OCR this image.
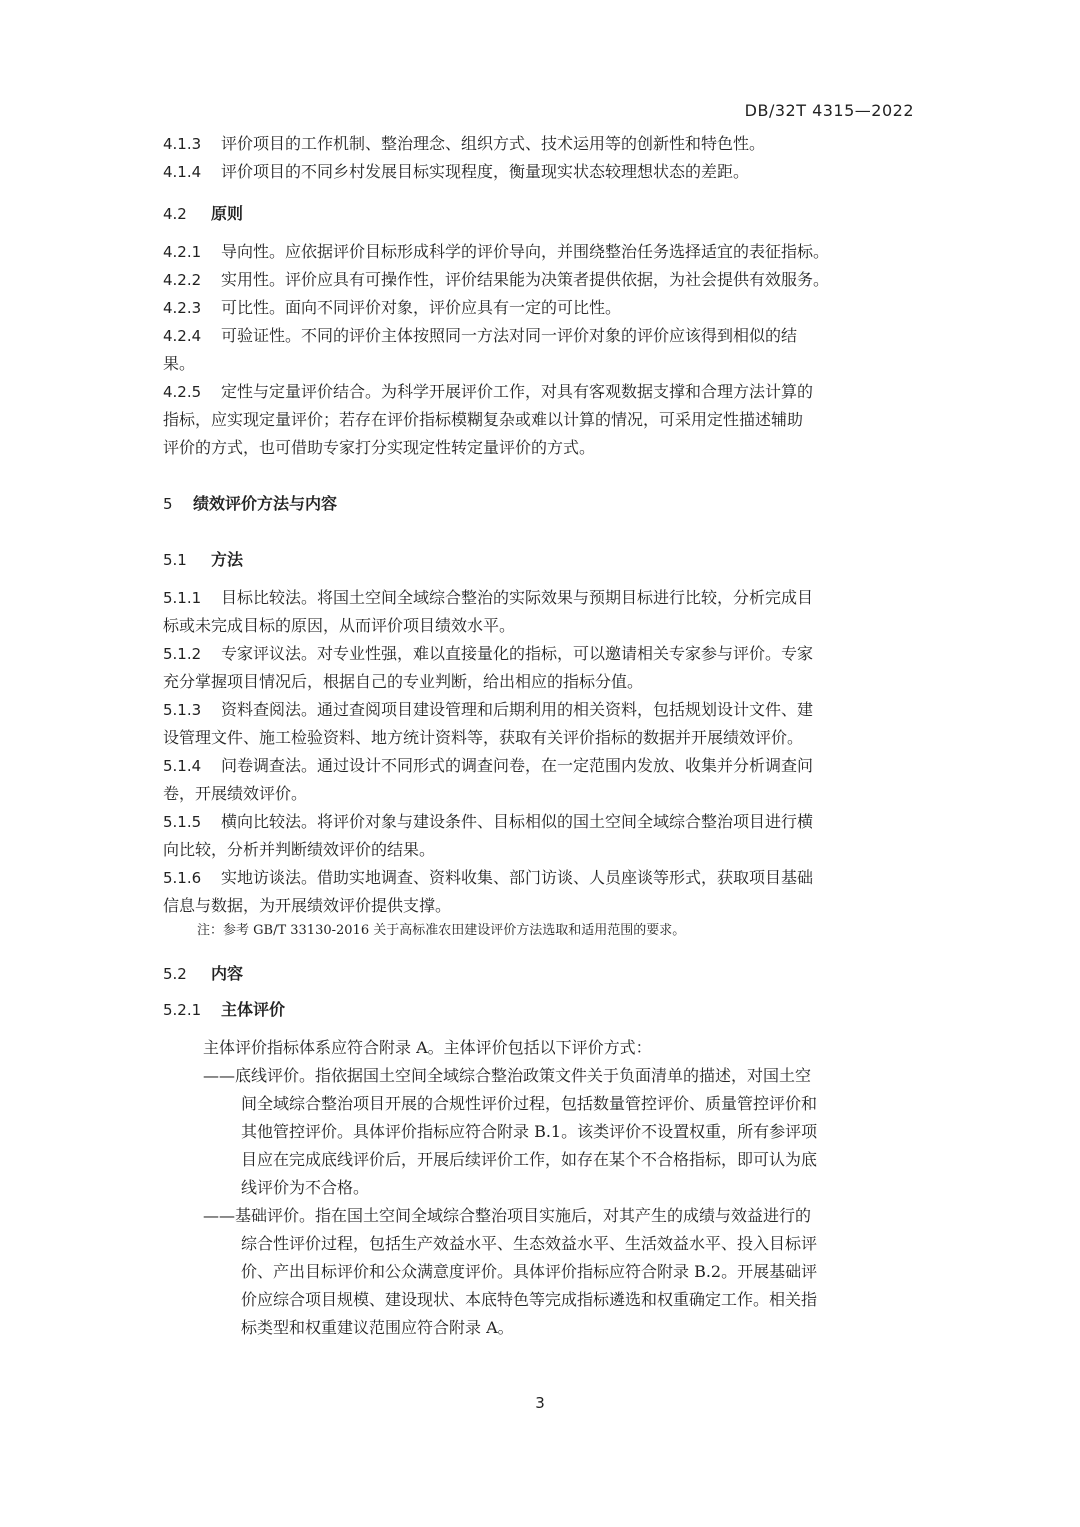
DB/32T 4315—2022
4.1.3 评价项目的工作机制、整治理念、组织方式、技术运用等的创新性和特色性。
4.1.4 评价项目的不同乡村发展目标实现程度，衡量现实状态较理想状态的差距。
4.2 原则
4.2.1 导向性。应依据评价目标形成科学的评价导向，并围绕整治任务选择适宜的表征指标。
4.2.2 实用性。评价应具有可操作性，评价结果能为决策者提供依据，为社会提供有效服务。
4.2.3 可比性。面向不同评价对象，评价应具有一定的可比性。
4.2.4 可验证性。不同的评价主体按照同一方法对同一评价对象的评价应该得到相似的结
果。
4.2.5 定性与定量评价结合。为科学开展评价工作，对具有客观数据支撑和合理方法计算的
指标，应实现定量评价；若存在评价指标模糊复杂或难以计算的情况，可采用定性描述辅助
评价的方式，也可借助专家打分实现定性转定量评价的方式。
5 绩效评价方法与内容
5.1 方法
5.1.1 目标比较法。将国土空间全域综合整治的实际效果与预期目标进行比较，分析完成目
标或未完成目标的原因，从而评价项目绩效水平。
5.1.2 专家评议法。对专业性强，难以直接量化的指标，可以邀请相关专家参与评价。专家
充分掌握项目情况后，根据自己的专业判断，给出相应的指标分值。
5.1.3 资料查阅法。通过查阅项目建设管理和后期利用的相关资料，包括规划设计文件、建
设管理文件、施工检验资料、地方统计资料等，获取有关评价指标的数据并开展绩效评价。
5.1.4 问卷调查法。通过设计不同形式的调查问卷，在一定范围内发放、收集并分析调查问
卷，开展绩效评价。
5.1.5 横向比较法。将评价对象与建设条件、目标相似的国土空间全域综合整治项目进行横
向比较，分析并判断绩效评价的结果。
5.1.6 实地访谈法。借助实地调查、资料收集、部门访谈、人员座谈等形式，获取项目基础
信息与数据，为开展绩效评价提供支撑。
注：参考 GB/T 33130-2016 关于高标准农田建设评价方法选取和适用范围的要求。
5.2 内容
5.2.1 主体评价
主体评价指标体系应符合附录 A。主体评价包括以下评价方式：
——底线评价。指依据国土空间全域综合整治政策文件关于负面清单的描述，对国土空
间全域综合整治项目开展的合规性评价过程，包括数量管控评价、质量管控评价和
其他管控评价。具体评价指标应符合附录 B.1。该类评价不设置权重，所有参评项
目应在完成底线评价后，开展后续评价工作，如存在某个不合格指标，即可认为底
线评价为不合格。
——基础评价。指在国土空间全域综合整治项目实施后，对其产生的成绩与效益进行的
综合性评价过程，包括生产效益水平、生态效益水平、生活效益水平、投入目标评
价、产出目标评价和公众满意度评价。具体评价指标应符合附录 B.2。开展基础评
价应综合项目规模、建设现状、本底特色等完成指标遴选和权重确定工作。相关指
标类型和权重建议范围应符合附录 A。
3
